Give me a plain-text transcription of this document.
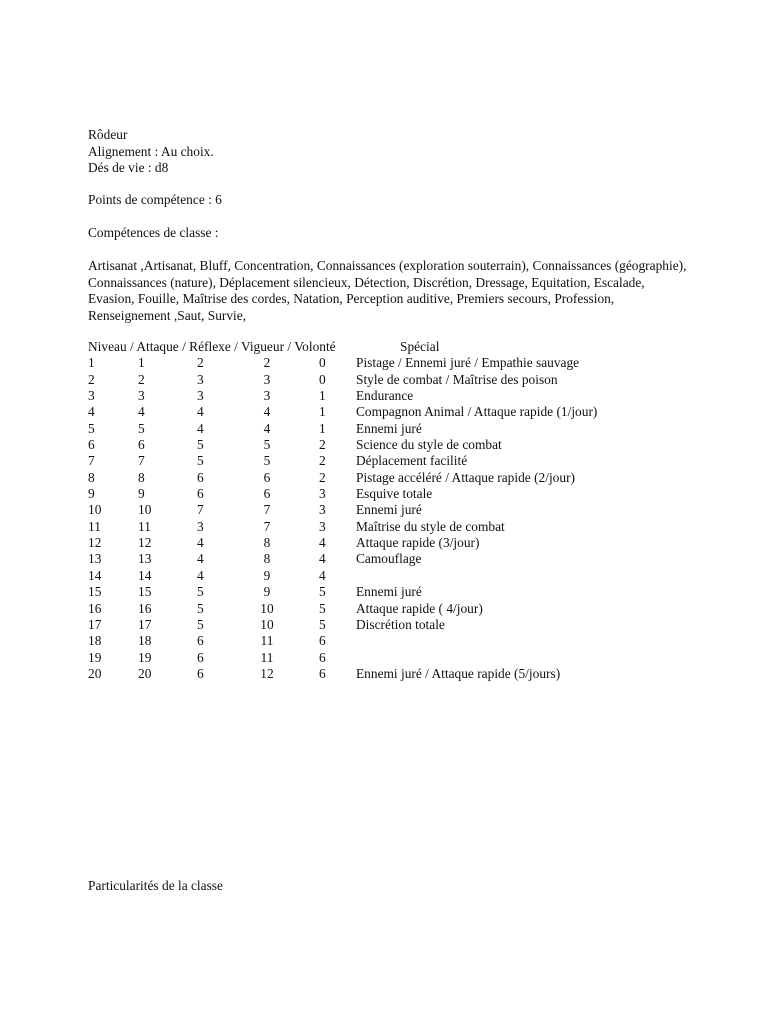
Rôdeur
Alignement : Au choix.
Dés de vie : d8
Points de compétence : 6
Compétences de classe :
Artisanat ,Artisanat, Bluff, Concentration, Connaissances (exploration souterrain), Connaissances (géographie), Connaissances (nature), Déplacement silencieux, Détection, Discrétion, Dressage, Equitation, Escalade, Evasion, Fouille, Maîtrise des cordes, Natation, Perception auditive, Premiers secours, Profession, Renseignement ,Saut, Survie,
Niveau / Attaque / Réflexe / Vigueur / Volonté	Spécial
1	1	2	2	0 Pistage / Ennemi juré / Empathie sauvage
2	2	3	3	0 Style de combat / Maîtrise des poison
3	3	3	3	1 Endurance
4	4	4	4	1 Compagnon Animal / Attaque rapide (1/jour)
5	5	4	4	1 Ennemi juré
6	6	5	5	2 Science du style de combat
7	7	5	5	2 Déplacement facilité
8	8	6	6	2 Pistage accéléré / Attaque rapide (2/jour)
9	9	6	6	3 Esquive totale
10	10	7	7	3 Ennemi juré
11	11	3	7	3 Maîtrise du style de combat
12	12	4	8	4 Attaque rapide (3/jour)
13	13	4	8	4 Camouflage
14	14	4	9	4
15	15	5	9	5 Ennemi juré
16	16	5	10	5 Attaque rapide ( 4/jour)
17	17	5	10	5 Discrétion totale
18	18	6	11	6
19	19	6	11	6
20	20	6	12	6 Ennemi juré / Attaque rapide (5/jours)
Particularités de la classe
